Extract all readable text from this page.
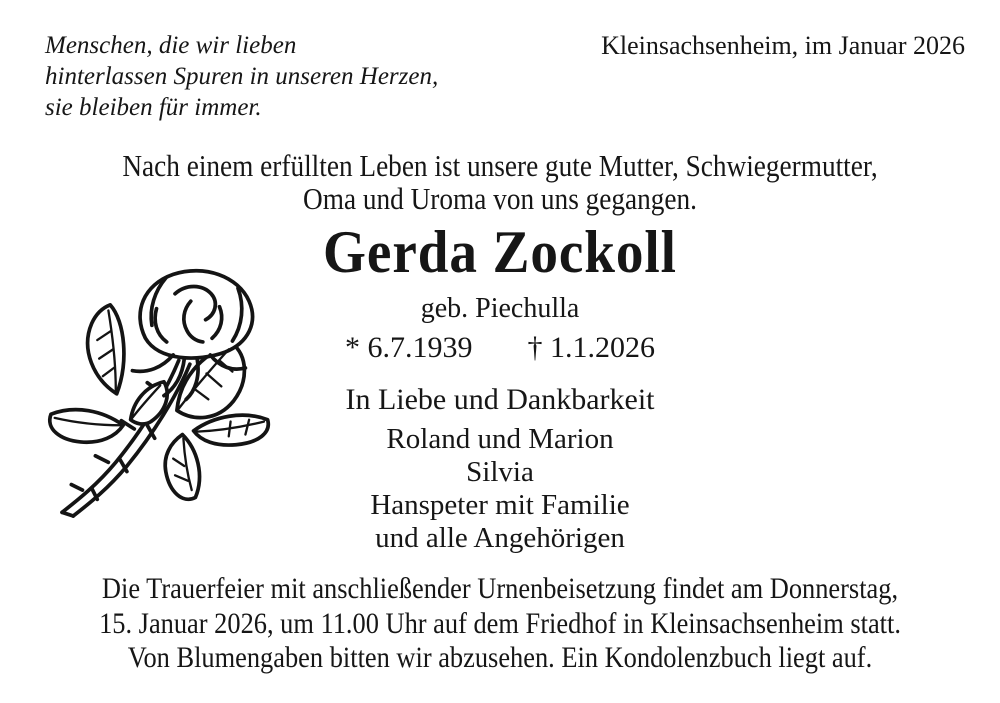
Menschen, die wir lieben
hinterlassen Spuren in unseren Herzen,
sie bleiben für immer.
Kleinsachsenheim, im Januar 2026
Nach einem erfüllten Leben ist unsere gute Mutter, Schwiegermutter,
Oma und Uroma von uns gegangen.
Gerda Zockoll
geb. Piechulla
* 6.7.1939 † 1.1.2026
In Liebe und Dankbarkeit
Roland und Marion
Silvia
Hanspeter mit Familie
und alle Angehörigen
Die Trauerfeier mit anschließender Urnenbeisetzung findet am Donnerstag,
15. Januar 2026, um 11.00 Uhr auf dem Friedhof in Kleinsachsenheim statt.
Von Blumengaben bitten wir abzusehen. Ein Kondolenzbuch liegt auf.
